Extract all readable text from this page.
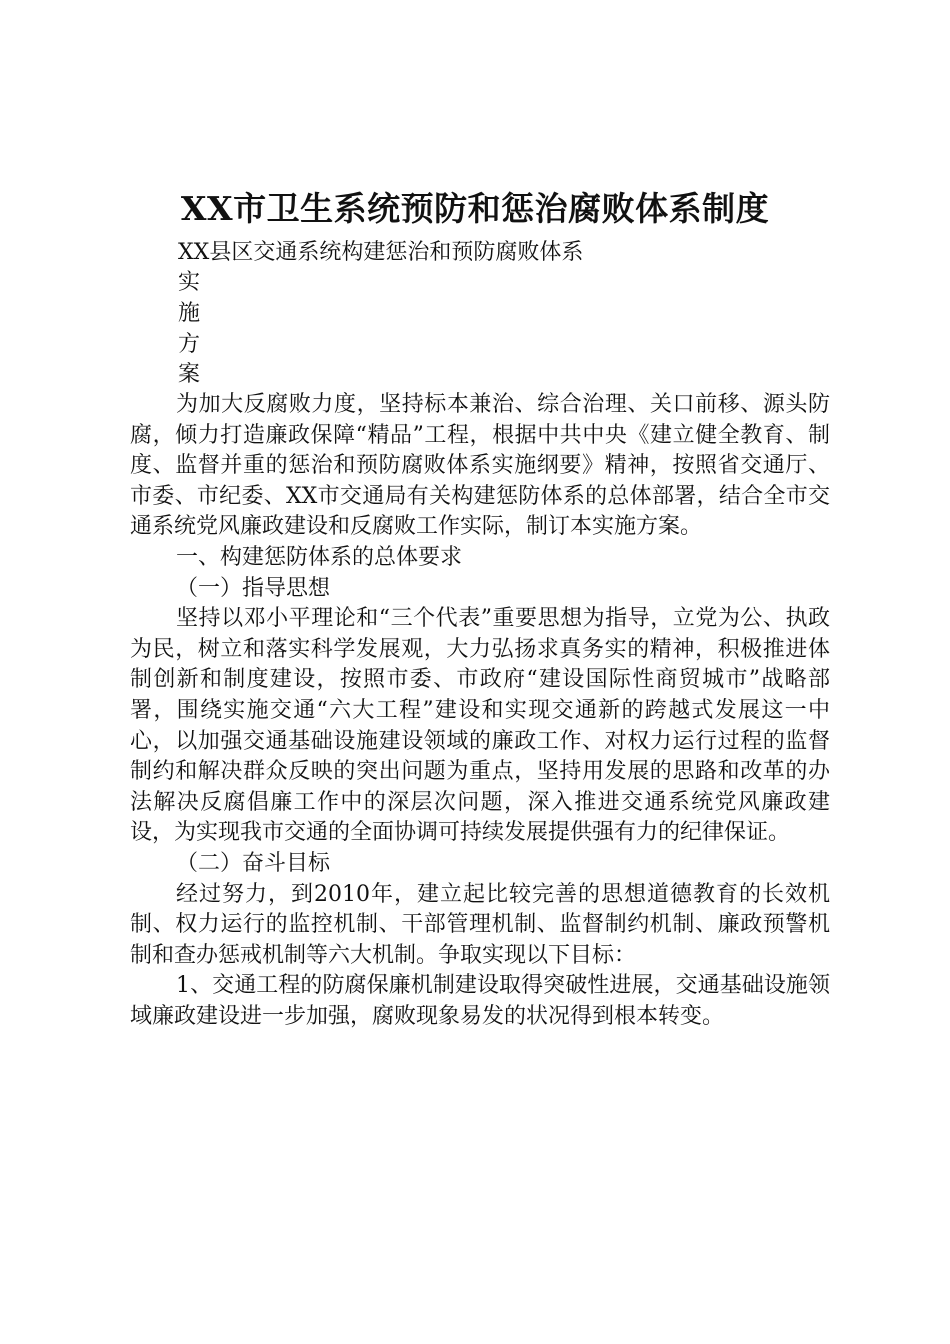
XX市卫生系统预防和惩治腐败体系制度
XX县区交通系统构建惩治和预防腐败体系
实
施
方
案

为加大反腐败力度，坚持标本兼治、综合治理、关口前移、源头防腐，倾力打造廉政保障“精品”工程，根据中共中央《建立健全教育、制度、监督并重的惩治和预防腐败体系实施纲要》精神，按照省交通厅、市委、市纪委、XX市交通局有关构建惩防体系的总体部署，结合全市交通系统党风廉政建设和反腐败工作实际，制订本实施方案。

一、构建惩防体系的总体要求

（一）指导思想

坚持以邓小平理论和“三个代表”重要思想为指导，立党为公、执政为民，树立和落实科学发展观，大力弘扬求真务实的精神，积极推进体制创新和制度建设，按照市委、市政府“建设国际性商贸城市”战略部署，围绕实施交通“六大工程”建设和实现交通新的跨越式发展这一中心，以加强交通基础设施建设领域的廉政工作、对权力运行过程的监督制约和解决群众反映的突出问题为重点，坚持用发展的思路和改革的办法解决反腐倡廉工作中的深层次问题，深入推进交通系统党风廉政建设，为实现我市交通的全面协调可持续发展提供强有力的纪律保证。

（二）奋斗目标

经过努力，到2010年，建立起比较完善的思想道德教育的长效机制、权力运行的监控机制、干部管理机制、监督制约机制、廉政预警机制和查办惩戒机制等六大机制。争取实现以下目标：

1、交通工程的防腐保廉机制建设取得突破性进展，交通基础设施领域廉政建设进一步加强，腐败现象易发的状况得到根本转变。
